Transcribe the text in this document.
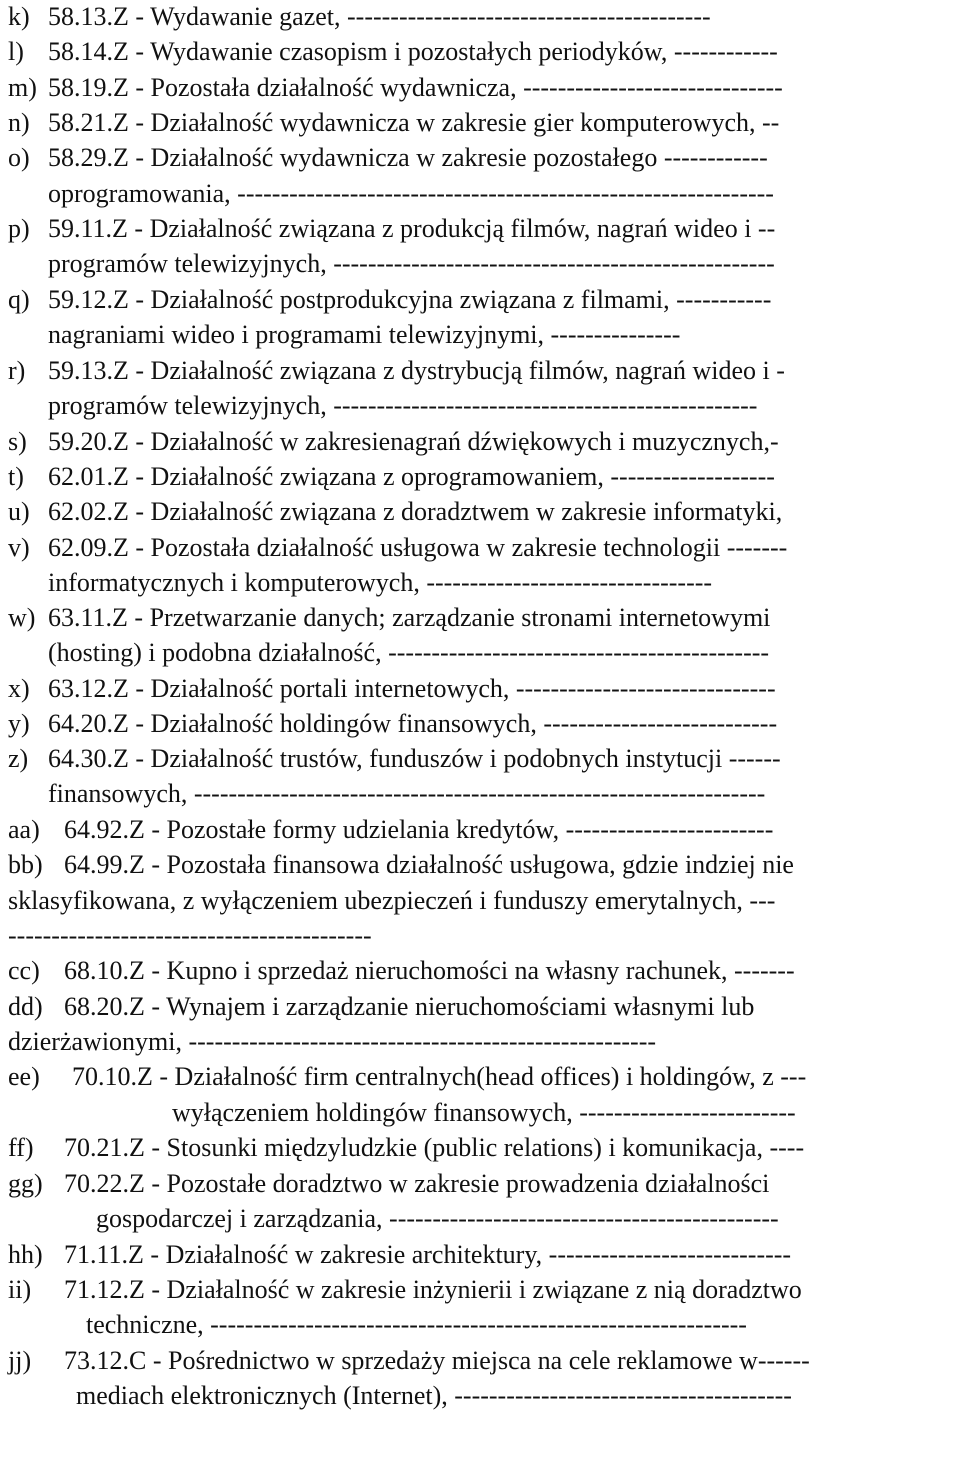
k) 58.13.Z - Wydawanie gazet, ------------------------------------------
l) 58.14.Z - Wydawanie czasopism i pozostałych periodyków, ------------
m) 58.19.Z - Pozostała działalność wydawnicza, ------------------------------
n) 58.21.Z - Działalność wydawnicza w zakresie gier komputerowych, --
o) 58.29.Z - Działalność wydawnicza w zakresie pozostałego ------------
oprogramowania, --------------------------------------------------------------
p) 59.11.Z - Działalność związana z produkcją filmów, nagrań wideo i --
programów telewizyjnych, ---------------------------------------------------
q) 59.12.Z - Działalność postprodukcyjna związana z filmami, -----------
nagraniami wideo i programami telewizyjnymi, ---------------
r) 59.13.Z - Działalność związana z dystrybucją filmów, nagrań wideo i -
programów telewizyjnych, -------------------------------------------------
s) 59.20.Z - Działalność w zakresienagrań dźwiękowych i muzycznych,-
t) 62.01.Z - Działalność związana z oprogramowaniem, -------------------
u) 62.02.Z - Działalność związana z doradztwem w zakresie informatyki,
v) 62.09.Z - Pozostała działalność usługowa w zakresie technologii -------
informatycznych i komputerowych, ---------------------------------
w) 63.11.Z - Przetwarzanie danych; zarządzanie stronami internetowymi
(hosting) i podobna działalność, --------------------------------------------
x) 63.12.Z - Działalność portali internetowych, ------------------------------
y) 64.20.Z - Działalność holdingów finansowych, ---------------------------
z) 64.30.Z - Działalność trustów, funduszów i podobnych instytucji ------
finansowych, ------------------------------------------------------------------
aa) 64.92.Z - Pozostałe formy udzielania kredytów, ------------------------
bb) 64.99.Z - Pozostała finansowa działalność usługowa, gdzie indziej nie
sklasyfikowana, z wyłączeniem ubezpieczeń i funduszy emerytalnych, ---
------------------------------------------
cc) 68.10.Z - Kupno i sprzedaż nieruchomości na własny rachunek, -------
dd) 68.20.Z - Wynajem i zarządzanie nieruchomościami własnymi lub
dzierżawionymi, ------------------------------------------------------
ee) 70.10.Z - Działalność firm centralnych(head offices) i holdingów, z ---
wyłączeniem holdingów finansowych, -------------------------
ff) 70.21.Z - Stosunki międzyludzkie (public relations) i komunikacja, ----
gg) 70.22.Z - Pozostałe doradztwo w zakresie prowadzenia działalności
gospodarczej i zarządzania, ---------------------------------------------
hh) 71.11.Z - Działalność w zakresie architektury, ----------------------------
ii) 71.12.Z - Działalność w zakresie inżynierii i związane z nią doradztwo
techniczne, --------------------------------------------------------------
jj) 73.12.C - Pośrednictwo w sprzedaży miejsca na cele reklamowe w------
mediach elektronicznych (Internet), ---------------------------------------
